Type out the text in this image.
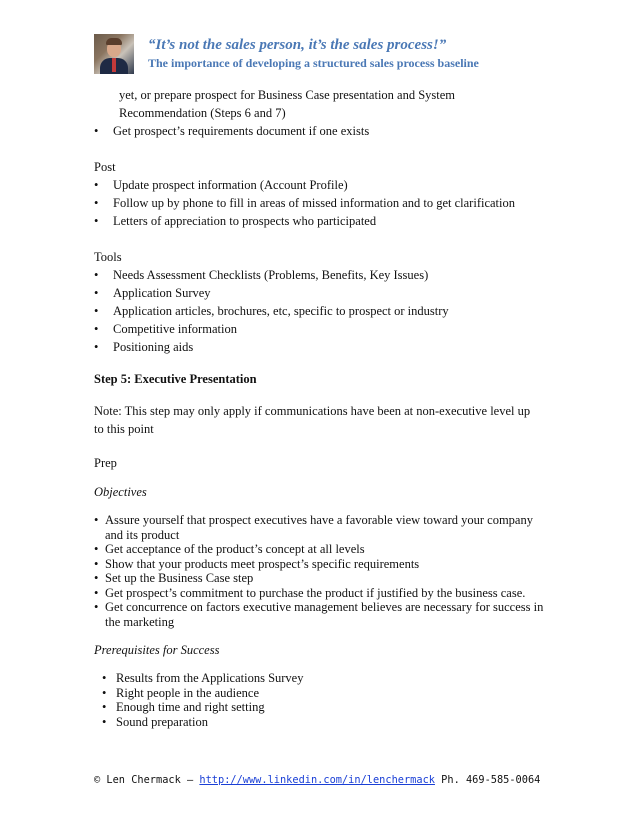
“It’s not the sales person, it’s the sales process!”
The importance of developing a structured sales process baseline
yet, or prepare prospect for Business Case presentation and System
Recommendation (Steps 6 and 7)
• Get prospect’s requirements document if one exists
Post
• Update prospect information (Account Profile)
• Follow up by phone to fill in areas of missed information and to get clarification
• Letters of appreciation to prospects who participated
Tools
• Needs Assessment Checklists (Problems, Benefits, Key Issues)
• Application Survey
• Application articles, brochures, etc, specific to prospect or industry
• Competitive information
• Positioning aids
Step 5: Executive Presentation
Note: This step may only apply if communications have been at non-executive level up
to this point
Prep
Objectives
• Assure yourself that prospect executives have a favorable view toward your company
and its product
• Get acceptance of the product’s concept at all levels
• Show that your products meet prospect’s specific requirements
• Set up the Business Case step
• Get prospect’s commitment to purchase the product if justified by the business case.
• Get concurrence on factors executive management believes are necessary for success in
the marketing
Prerequisites for Success
• Results from the Applications Survey
• Right people in the audience
• Enough time and right setting
• Sound preparation
© Len Chermack – http://www.linkedin.com/in/lenchermack Ph. 469-585-0064
